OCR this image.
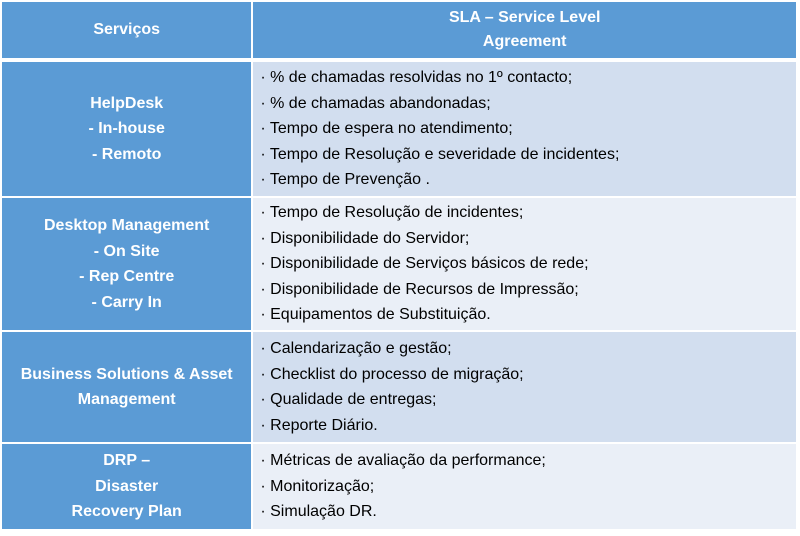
Serviços
SLA – Service Level
Agreement
HelpDesk
- In-house
- Remoto
· % de chamadas resolvidas no 1º contacto;
· % de chamadas abandonadas;
· Tempo de espera no atendimento;
· Tempo de Resolução e severidade de incidentes;
· Tempo de Prevenção .
Desktop Management
- On Site
- Rep Centre
- Carry In
· Tempo de Resolução de incidentes;
· Disponibilidade do Servidor;
· Disponibilidade de Serviços básicos de rede;
· Disponibilidade de Recursos de Impressão;
· Equipamentos de Substituição.
Business Solutions & Asset
Management
· Calendarização e gestão;
· Checklist do processo de migração;
· Qualidade de entregas;
· Reporte Diário.
DRP –
Disaster
Recovery Plan
· Métricas de avaliação da performance;
· Monitorização;
· Simulação DR.
